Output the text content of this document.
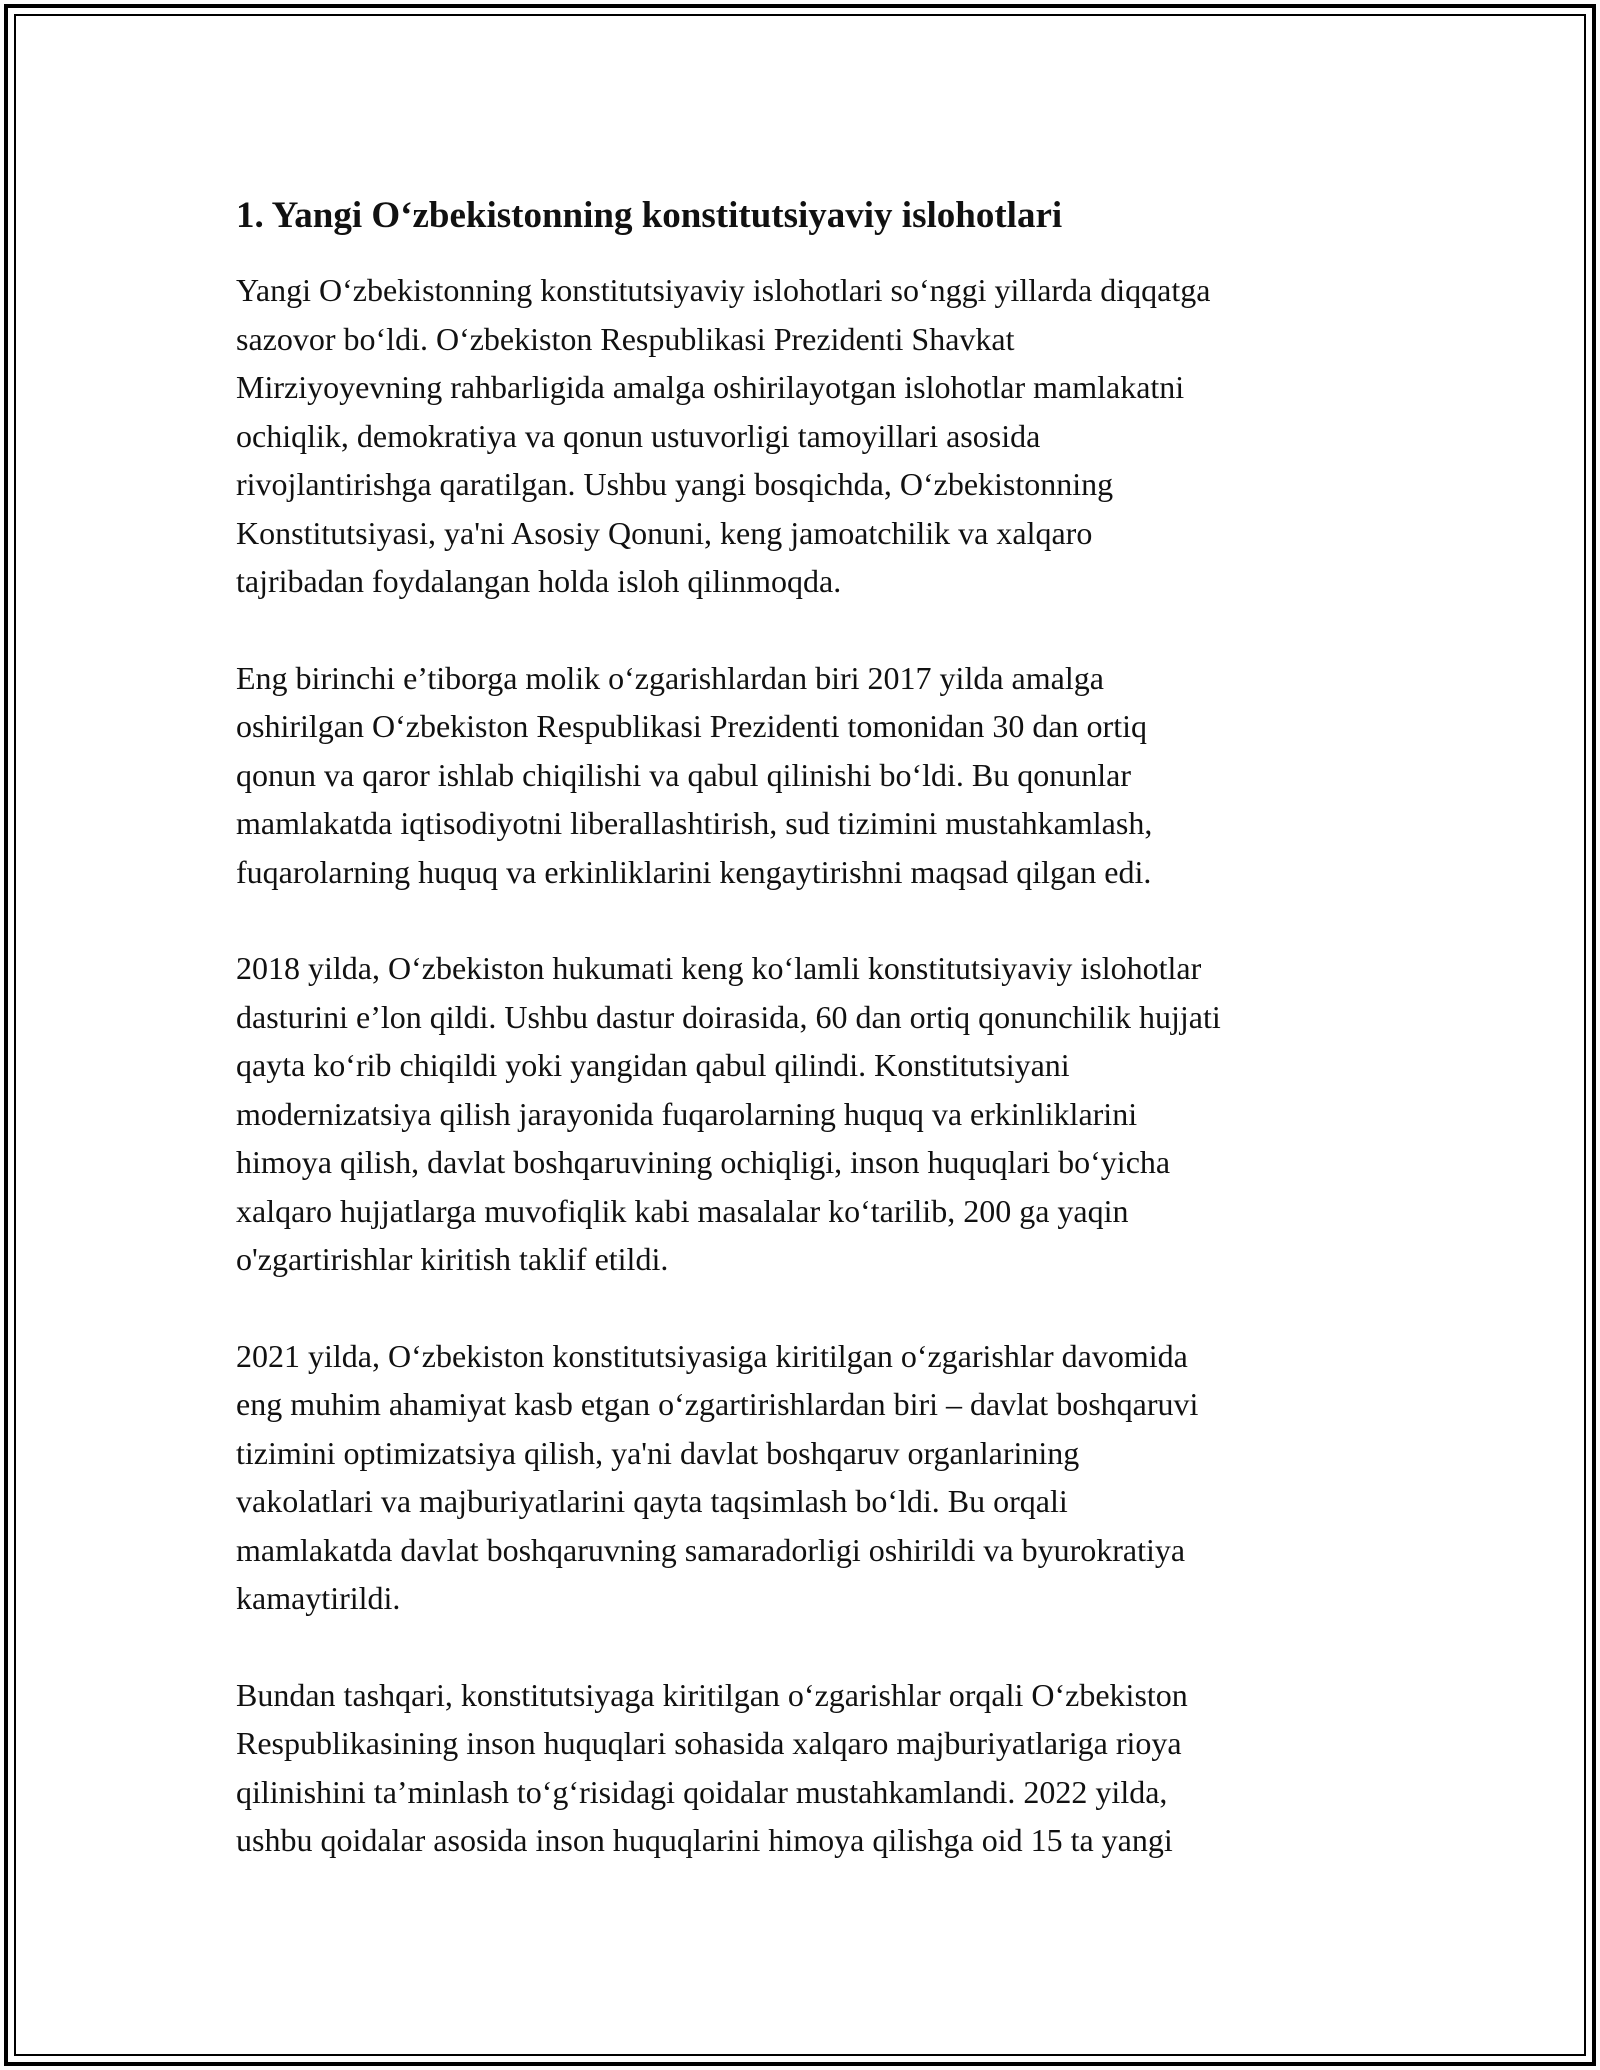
1. Yangi O‘zbekistonning konstitutsiyaviy islohotlari

Yangi O‘zbekistonning konstitutsiyaviy islohotlari so‘nggi yillarda diqqatga
sazovor bo‘ldi. O‘zbekiston Respublikasi Prezidenti Shavkat
Mirziyoyevning rahbarligida amalga oshirilayotgan islohotlar mamlakatni
ochiqlik, demokratiya va qonun ustuvorligi tamoyillari asosida
rivojlantirishga qaratilgan. Ushbu yangi bosqichda, O‘zbekistonning
Konstitutsiyasi, ya'ni Asosiy Qonuni, keng jamoatchilik va xalqaro
tajribadan foydalangan holda isloh qilinmoqda.

Eng birinchi e’tiborga molik o‘zgarishlardan biri 2017 yilda amalga
oshirilgan O‘zbekiston Respublikasi Prezidenti tomonidan 30 dan ortiq
qonun va qaror ishlab chiqilishi va qabul qilinishi bo‘ldi. Bu qonunlar
mamlakatda iqtisodiyotni liberallashtirish, sud tizimini mustahkamlash,
fuqarolarning huquq va erkinliklarini kengaytirishni maqsad qilgan edi.

2018 yilda, O‘zbekiston hukumati keng ko‘lamli konstitutsiyaviy islohotlar
dasturini e’lon qildi. Ushbu dastur doirasida, 60 dan ortiq qonunchilik hujjati
qayta ko‘rib chiqildi yoki yangidan qabul qilindi. Konstitutsiyani
modernizatsiya qilish jarayonida fuqarolarning huquq va erkinliklarini
himoya qilish, davlat boshqaruvining ochiqligi, inson huquqlari bo‘yicha
xalqaro hujjatlarga muvofiqlik kabi masalalar ko‘tarilib, 200 ga yaqin
o'zgartirishlar kiritish taklif etildi.

2021 yilda, O‘zbekiston konstitutsiyasiga kiritilgan o‘zgarishlar davomida
eng muhim ahamiyat kasb etgan o‘zgartirishlardan biri – davlat boshqaruvi
tizimini optimizatsiya qilish, ya'ni davlat boshqaruv organlarining
vakolatlari va majburiyatlarini qayta taqsimlash bo‘ldi. Bu orqali
mamlakatda davlat boshqaruvning samaradorligi oshirildi va byurokratiya
kamaytirildi.

Bundan tashqari, konstitutsiyaga kiritilgan o‘zgarishlar orqali O‘zbekiston
Respublikasining inson huquqlari sohasida xalqaro majburiyatlariga rioya
qilinishini ta’minlash to‘g‘risidagi qoidalar mustahkamlandi. 2022 yilda,
ushbu qoidalar asosida inson huquqlarini himoya qilishga oid 15 ta yangi
